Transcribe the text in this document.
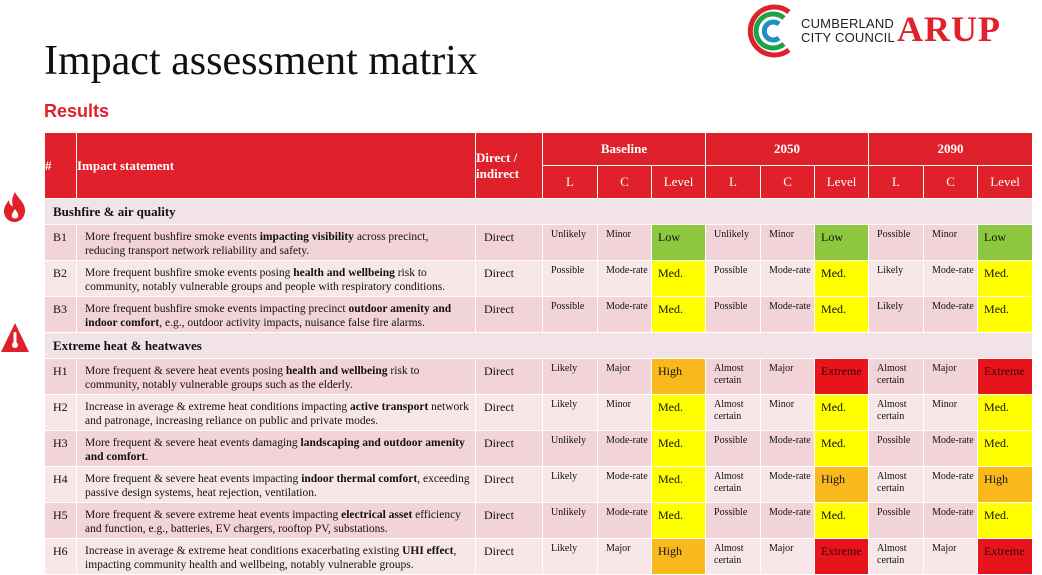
Impact assessment matrix
Results
CUMBERLAND
CITY COUNCIL ARUP
#	Impact statement	Direct / indirect	Baseline			2050			2090		
			L	C	Level	L	C	Level	L	C	Level
Bushfire & air quality											
B1	More frequent bushfire smoke events impacting visibility across precinct, reducing transport network reliability and safety.	Direct	Unlikely	Minor	Low	Unlikely	Minor	Low	Possible	Minor	Low
B2	More frequent bushfire smoke events posing health and wellbeing risk to community, notably vulnerable groups and people with respiratory conditions.	Direct	Possible	Mode-rate	Med.	Possible	Mode-rate	Med.	Likely	Mode-rate	Med.
B3	More frequent bushfire smoke events impacting precinct outdoor amenity and indoor comfort, e.g., outdoor activity impacts, nuisance false fire alarms.	Direct	Possible	Mode-rate	Med.	Possible	Mode-rate	Med.	Likely	Mode-rate	Med.
Extreme heat & heatwaves											
H1	More frequent & severe heat events posing health and wellbeing risk to community, notably vulnerable groups such as the elderly.	Direct	Likely	Major	High	Almost certain	Major	Extreme	Almost certain	Major	Extreme
H2	Increase in average & extreme heat conditions impacting active transport network and patronage, increasing reliance on public and private modes.	Direct	Likely	Minor	Med.	Almost certain	Minor	Med.	Almost certain	Minor	Med.
H3	More frequent & severe heat events damaging landscaping and outdoor amenity and comfort.	Direct	Unlikely	Mode-rate	Med.	Possible	Mode-rate	Med.	Possible	Mode-rate	Med.
H4	More frequent & severe heat events impacting indoor thermal comfort, exceeding passive design systems, heat rejection, ventilation.	Direct	Likely	Mode-rate	Med.	Almost certain	Mode-rate	High	Almost certain	Mode-rate	High
H5	More frequent & severe extreme heat events impacting electrical asset efficiency and function, e.g., batteries, EV chargers, rooftop PV, substations.	Direct	Unlikely	Mode-rate	Med.	Possible	Mode-rate	Med.	Possible	Mode-rate	Med.
H6	Increase in average & extreme heat conditions exacerbating existing UHI effect, impacting community health and wellbeing, notably vulnerable groups.	Direct	Likely	Major	High	Almost certain	Major	Extreme	Almost certain	Major	Extreme
